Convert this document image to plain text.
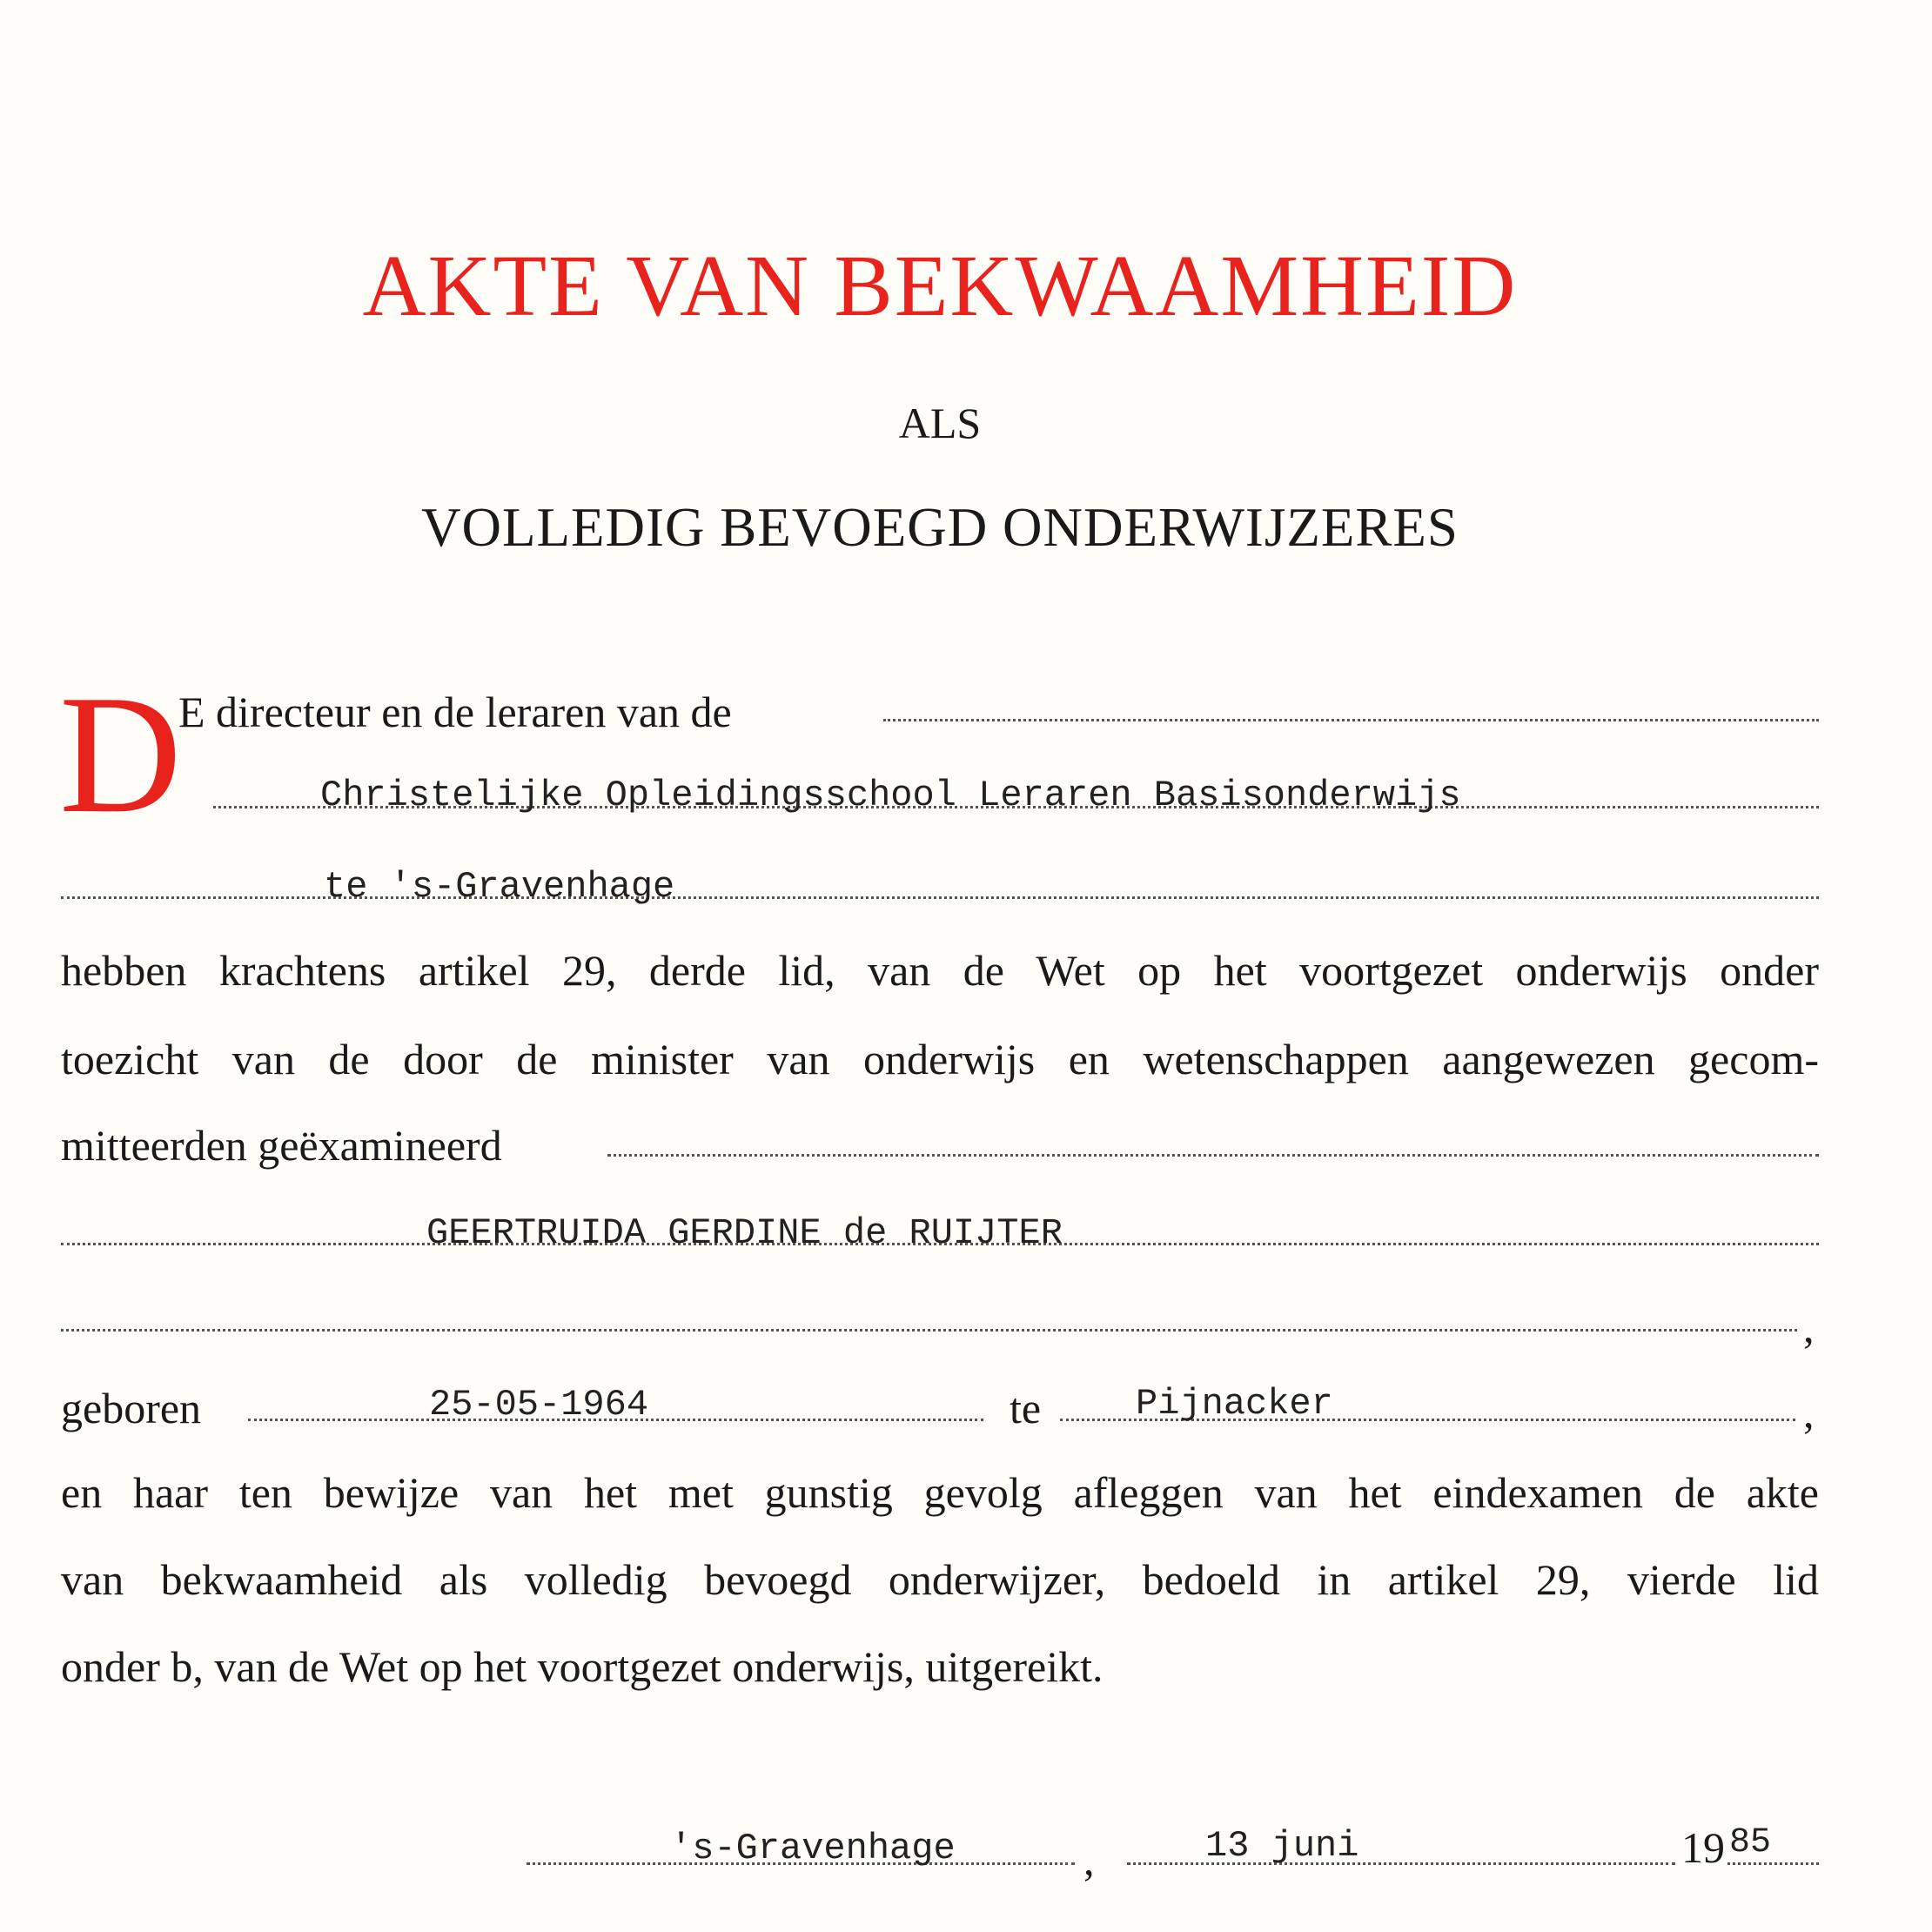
AKTE VAN BEKWAAMHEID
ALS
VOLLEDIG BEVOEGD ONDERWIJZERES
D
E directeur en de leraren van de
Christelijke Opleidingsschool Leraren Basisonderwijs
te 's-Gravenhage
hebben krachtens artikel 29, derde lid, van de Wet op het voortgezet onderwijs onder
toezicht van de door de minister van onderwijs en wetenschappen aangewezen gecom-
mitteerden geëxamineerd
GEERTRUIDA GERDINE de RUIJTER
,
geboren	25-05-1964	te	Pijnacker	,
en haar ten bewijze van het met gunstig gevolg afleggen van het eindexamen de akte
van bekwaamheid als volledig bevoegd onderwijzer, bedoeld in artikel 29, vierde lid
onder b, van de Wet op het voortgezet onderwijs, uitgereikt.
's-Gravenhage	,	13 juni	19 85
